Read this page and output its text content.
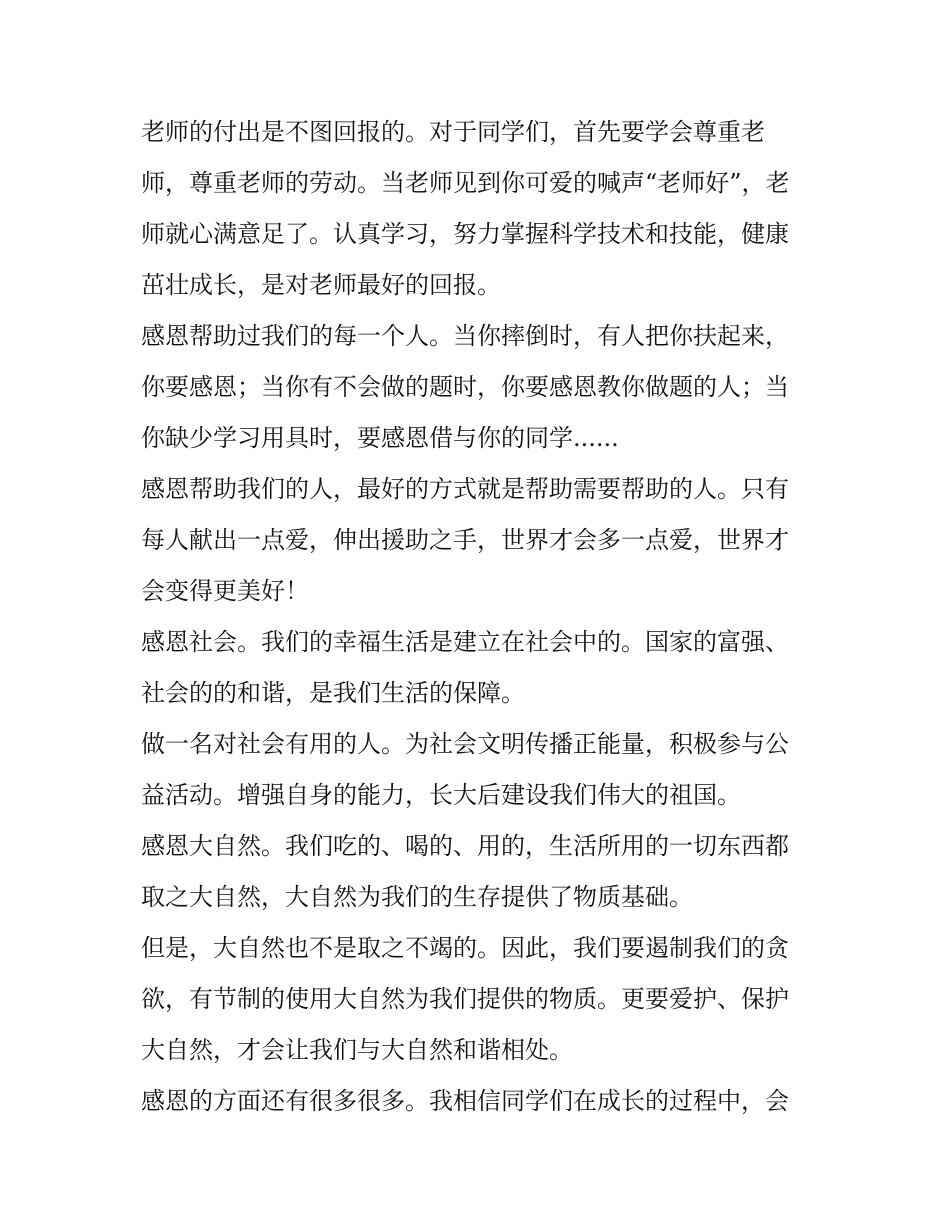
老师的付出是不图回报的。对于同学们，首先要学会尊重老
师，尊重老师的劳动。当老师见到你可爱的喊声“老师好”，老
师就心满意足了。认真学习，努力掌握科学技术和技能，健康
茁壮成长，是对老师最好的回报。
感恩帮助过我们的每一个人。当你摔倒时，有人把你扶起来，
你要感恩；当你有不会做的题时，你要感恩教你做题的人；当
你缺少学习用具时，要感恩借与你的同学......
感恩帮助我们的人，最好的方式就是帮助需要帮助的人。只有
每人献出一点爱，伸出援助之手，世界才会多一点爱，世界才
会变得更美好！
感恩社会。我们的幸福生活是建立在社会中的。国家的富强、
社会的的和谐，是我们生活的保障。
做一名对社会有用的人。为社会文明传播正能量，积极参与公
益活动。增强自身的能力，长大后建设我们伟大的祖国。
感恩大自然。我们吃的、喝的、用的，生活所用的一切东西都
取之大自然，大自然为我们的生存提供了物质基础。
但是，大自然也不是取之不竭的。因此，我们要遏制我们的贪
欲，有节制的使用大自然为我们提供的物质。更要爱护、保护
大自然，才会让我们与大自然和谐相处。
感恩的方面还有很多很多。我相信同学们在成长的过程中，会
